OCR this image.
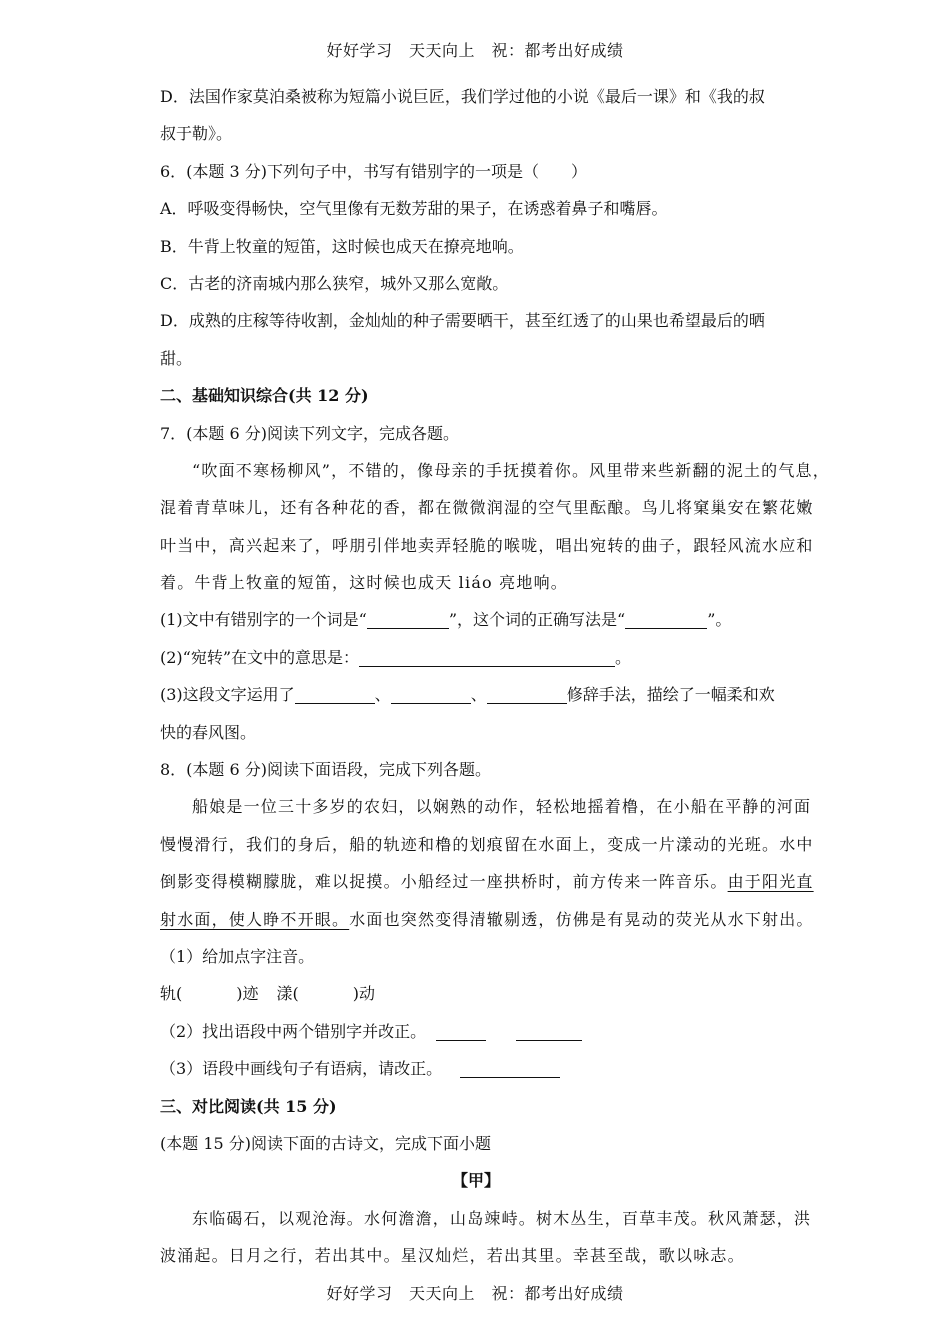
好好学习　天天向上　祝：都考出好成绩
D．法国作家莫泊桑被称为短篇小说巨匠，我们学过他的小说《最后一课》和《我的叔
叔于勒》。
6．(本题 3 分)下列句子中，书写有错别字的一项是（　　）
A．呼吸变得畅快，空气里像有无数芳甜的果子，在诱惑着鼻子和嘴唇。
B．牛背上牧童的短笛，这时候也成天在撩亮地响。
C．古老的济南城内那么狭窄，城外又那么宽敞。
D．成熟的庄稼等待收割，金灿灿的种子需要晒干，甚至红透了的山果也希望最后的晒
甜。
二、基础知识综合(共 12 分)
7．(本题 6 分)阅读下列文字，完成各题。
“吹面不寒杨柳风”，不错的，像母亲的手抚摸着你。风里带来些新翻的泥土的气息，
混着青草味儿，还有各种花的香，都在微微润湿的空气里酝酿。鸟儿将窠巢安在繁花嫩
叶当中，高兴起来了，呼朋引伴地卖弄轻脆的喉咙，唱出宛转的曲子，跟轻风流水应和
着。牛背上牧童的短笛，这时候也成天 liáo 亮地响。
(1)文中有错别字的一个词是“	”，这个词的正确写法是“	”。
(2)“宛转”在文中的意思是：	。
(3)这段文字运用了	、	、	修辞手法，描绘了一幅柔和欢
快的春风图。
8．(本题 6 分)阅读下面语段，完成下列各题。
船娘是一位三十多岁的农妇，以娴熟的动作，轻松地摇着橹，在小船在平静的河面
慢慢滑行，我们的身后，船的轨迹和橹的划痕留在水面上，变成一片漾动的光班。水中
倒影变得模糊朦胧，难以捉摸。小船经过一座拱桥时，前方传来一阵音乐。由于阳光直
射水面，使人睁不开眼。水面也突然变得清辙剔透，仿佛是有晃动的荧光从水下射出。
（1）给加点字注音。
轨(	)迹 漾(	)动
（2）找出语段中两个错别字并改正。
（3）语段中画线句子有语病，请改正。
三、对比阅读(共 15 分)
(本题 15 分)阅读下面的古诗文，完成下面小题
【甲】
东临碣石，以观沧海。水何澹澹，山岛竦峙。树木丛生，百草丰茂。秋风萧瑟，洪
波涌起。日月之行，若出其中。星汉灿烂，若出其里。幸甚至哉，歌以咏志。
好好学习　天天向上　祝：都考出好成绩
